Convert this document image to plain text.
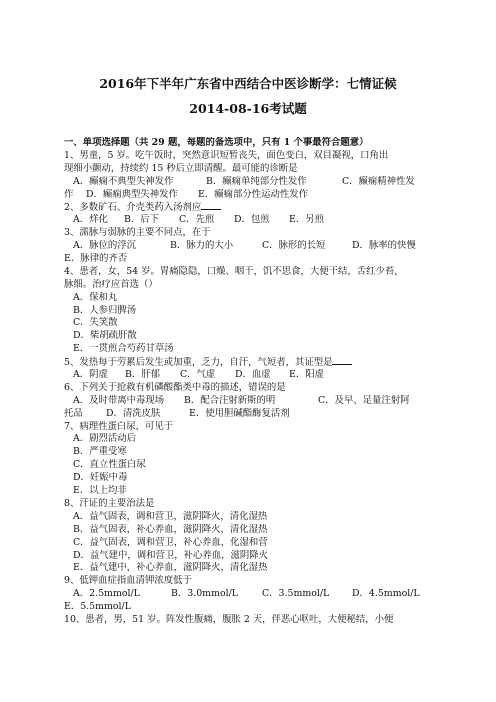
2016年下半年广东省中西结合中医诊断学：七情证候
2014-08-16考试题
一、单项选择题（共 29 题，每题的备选项中，只有 1 个事最符合题意）
1、男童，5 岁。吃午饭时，突然意识短暂丧失，面色变白，双目凝视，口角出
现细小颤动，持续约 15 秒后立即清醒。最可能的诊断是
A．癫痫不典型失神发作	B．癫痫单纯部分性发作	C．癫痫精神性发
作 D．癫痫典型失神发作 E．癫痫部分性运动性发作
2、多数矿石、介壳类药入汤剂应
A．烊化 B．后下 C．先煎 D．包煎 E．另煎
3、濡脉与弱脉的主要不同点，在于
A．脉位的浮沉	B．脉力的大小	C．脉形的长短	D．脉率的快慢
E．脉律的齐否
4、患者，女，54 岁。胃痛隐隐，口燥、咽干，饥不思食，大便干结，舌红少苔，
脉细。治疗应首选（）
A．保和丸
B．人参归脾汤
C．失笑散
D．柴胡疏肝散
E．一贯煎合芍药甘草汤
5、发热每于劳累后发生或加重，乏力，自汗，气短者，其证型是
A．阴虚 B．肝郁 C．气虚 D．血虚 E．阳虚
6、下列关于抢救有机磷酸酯类中毒的描述，错误的是
A．及时带离中毒现场 B．配合注射新斯的明	C．及早、足量注射阿
托品 D．清洗皮肤	E．使用胆碱酯酶复活剂
7、病理性蛋白尿，可见于
A．剧烈活动后
B．严重受寒
C．直立性蛋白尿
D．妊娠中毒
E．以上均非
8、汗证的主要治法是
A．益气固表，调和营卫，滋阴降火，清化湿热
B．益气固表，补心养血，滋阴降火，清化湿热
C．益气固表，调和营卫，补心养血，化湿和营
D．益气建中，调和营卫，补心养血，滋阴降火
E．益气建中，补心养血，滋阴降火，清化湿热
9、低钾血症指血清钾浓度低于
A．2.5mmol/L	B．3.0mmol/L	C．3.5mmol/L D．4.5mmol/L
E．5.5mmol/L
10、患者，男，51 岁。阵发性腹痛，腹胀 2 天，伴恶心呕吐，大便秘结，小便
